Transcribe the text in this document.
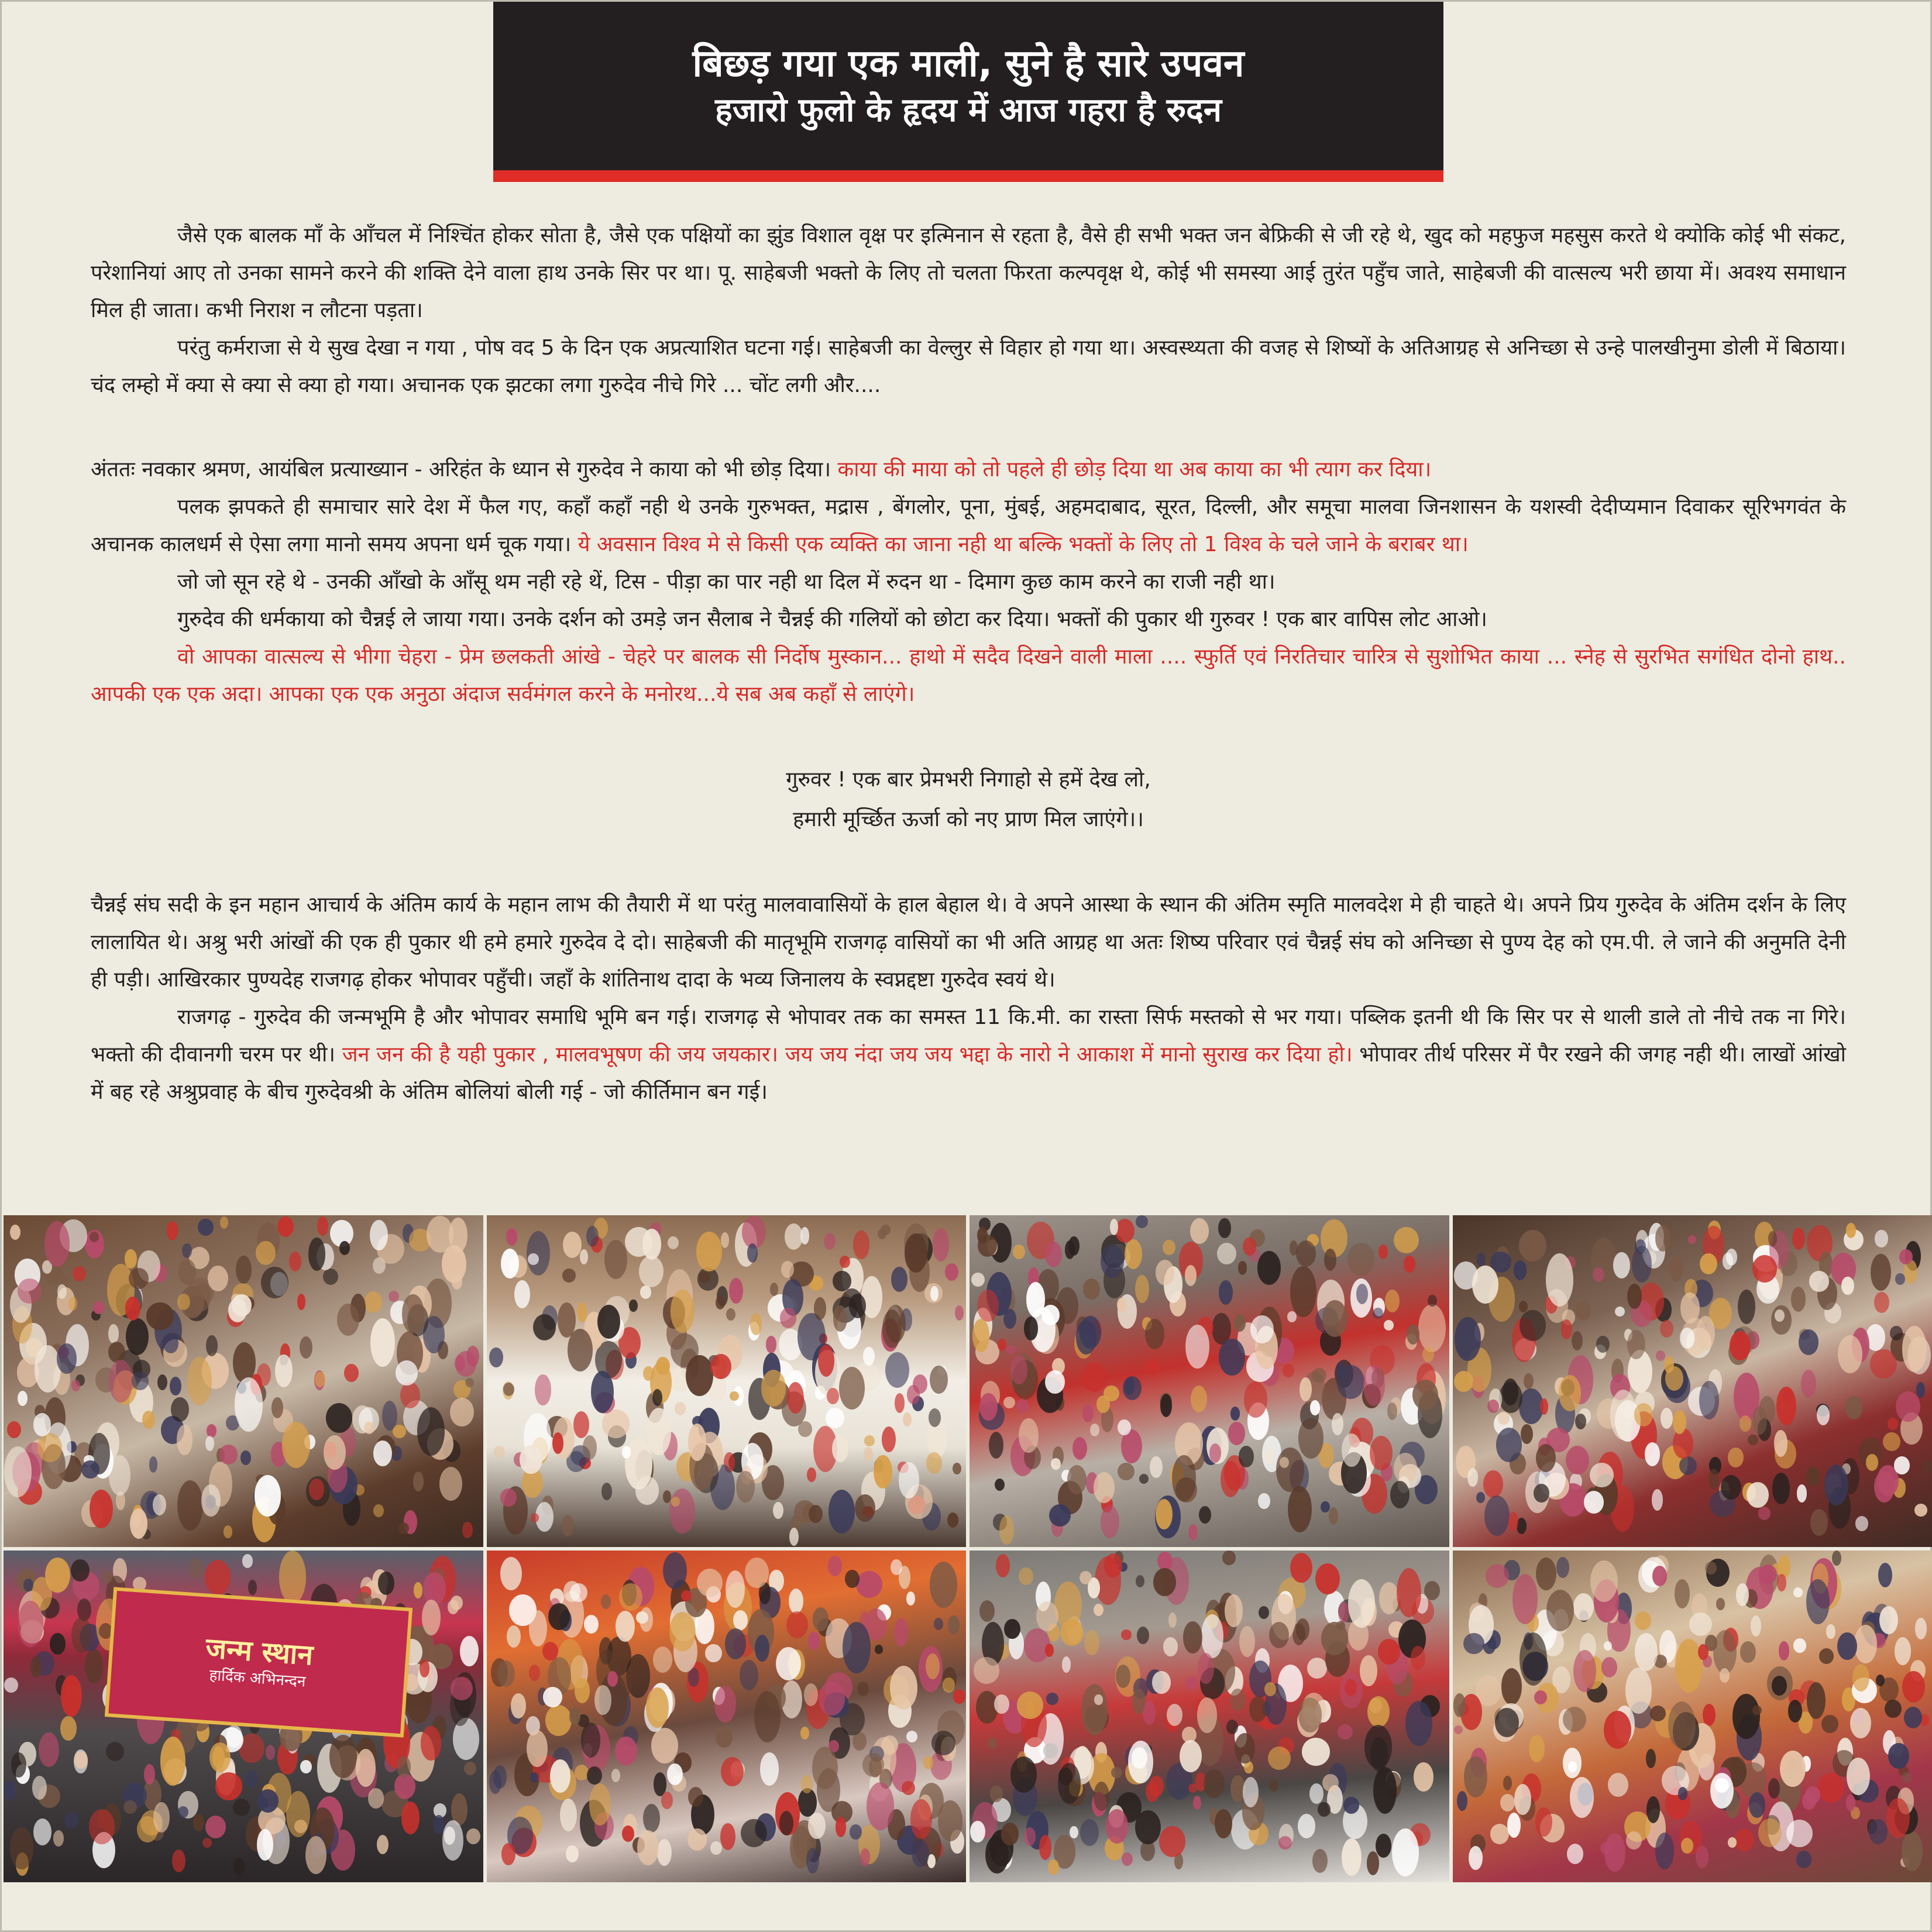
बिछड़ गया एक माली, सुने है सारे उपवन
हजारो फुलो के हृदय में आज गहरा है रुदन

जैसे एक बालक माँ के आँचल में निश्चिंत होकर सोता है, जैसे एक पक्षियों का झुंड विशाल वृक्ष पर इत्मिनान से रहता है, वैसे ही सभी भक्त जन बेफ्रिकी से जी रहे थे, खुद को महफुज महसुस करते थे क्योकि कोई भी संकट, परेशानियां आए तो उनका सामने करने की शक्ति देने वाला हाथ उनके सिर पर था। पू. साहेबजी भक्तो के लिए तो चलता फिरता कल्पवृक्ष थे, कोई भी समस्या आई तुरंत पहुँच जाते, साहेबजी की वात्सल्य भरी छाया में। अवश्य समाधान मिल ही जाता। कभी निराश न लौटना पड़ता।

परंतु कर्मराजा से ये सुख देखा न गया , पोष वद 5 के दिन एक अप्रत्याशित घटना गई। साहेबजी का वेल्लुर से विहार हो गया था। अस्वस्थ्यता की वजह से शिष्यों के अतिआग्रह से अनिच्छा से उन्हे पालखीनुमा डोली में बिठाया। चंद लम्हो में क्या से क्या से क्या हो गया। अचानक एक झटका लगा गुरुदेव नीचे गिरे ... चोंट लगी और....

अंततः नवकार श्रमण, आयंबिल प्रत्याख्यान - अरिहंत के ध्यान से गुरुदेव ने काया को भी छोड़ दिया। काया की माया को तो पहले ही छोड़ दिया था अब काया का भी त्याग कर दिया।

पलक झपकते ही समाचार सारे देश में फैल गए, कहाँ कहाँ नही थे उनके गुरुभक्त, मद्रास , बेंगलोर, पूना, मुंबई, अहमदाबाद, सूरत, दिल्ली, और समूचा मालवा जिनशासन के यशस्वी देदीप्यमान दिवाकर सूरिभगवंत के अचानक कालधर्म से ऐसा लगा मानो समय अपना धर्म चूक गया। ये अवसान विश्व मे से किसी एक व्यक्ति का जाना नही था बल्कि भक्तों के लिए तो 1 विश्व के चले जाने के बराबर था।

जो जो सून रहे थे - उनकी आँखो के आँसू थम नही रहे थें, टिस - पीड़ा का पार नही था दिल में रुदन था - दिमाग कुछ काम करने का राजी नही था।

गुरुदेव की धर्मकाया को चैन्नई ले जाया गया। उनके दर्शन को उमड़े जन सैलाब ने चैन्नई की गलियों को छोटा कर दिया। भक्तों की पुकार थी गुरुवर ! एक बार वापिस लोट आओ।

वो आपका वात्सल्य से भीगा चेहरा - प्रेम छलकती आंखे - चेहरे पर बालक सी निर्दोष मुस्कान... हाथो में सदैव दिखने वाली माला .... स्फुर्ति एवं निरतिचार चारित्र से सुशोभित काया ... स्नेह से सुरभित सगंधित दोनो हाथ.. आपकी एक एक अदा। आपका एक एक अनुठा अंदाज सर्वमंगल करने के मनोरथ...ये सब अब कहाँ से लाएंगे।

गुरुवर ! एक बार प्रेमभरी निगाहो से हमें देख लो,

हमारी मूर्च्छित ऊर्जा को नए प्राण मिल जाएंगे।।

चैन्नई संघ सदी के इन महान आचार्य के अंतिम कार्य के महान लाभ की तैयारी में था परंतु मालवावासियों के हाल बेहाल थे। वे अपने आस्था के स्थान की अंतिम स्मृति मालवदेश मे ही चाहते थे। अपने प्रिय गुरुदेव के अंतिम दर्शन के लिए लालायित थे। अश्रु भरी आंखों की एक ही पुकार थी हमे हमारे गुरुदेव दे दो। साहेबजी की मातृभूमि राजगढ़ वासियों का भी अति आग्रह था अतः शिष्य परिवार एवं चैन्नई संघ को अनिच्छा से पुण्य देह को एम.पी. ले जाने की अनुमति देनी ही पड़ी। आखिरकार पुण्यदेह राजगढ़ होकर भोपावर पहुँची। जहाँ के शांतिनाथ दादा के भव्य जिनालय के स्वप्नद्दष्टा गुरुदेव स्वयं थे।

राजगढ़ - गुरुदेव की जन्मभूमि है और भोपावर समाधि भूमि बन गई। राजगढ़ से भोपावर तक का समस्त 11 कि.मी. का रास्ता सिर्फ मस्तको से भर गया। पब्लिक इतनी थी कि सिर पर से थाली डाले तो नीचे तक ना गिरे। भक्तो की दीवानगी चरम पर थी। जन जन की है यही पुकार , मालवभूषण की जय जयकार। जय जय नंदा जय जय भद्दा के नारो ने आकाश में मानो सुराख कर दिया हो। भोपावर तीर्थ परिसर में पैर रखने की जगह नही थी। लाखों आंखो में बह रहे अश्रुप्रवाह के बीच गुरुदेवश्री के अंतिम बोलियां बोली गई - जो कीर्तिमान बन गई।

जन्म स्थान
हार्दिक अभिनन्दन
